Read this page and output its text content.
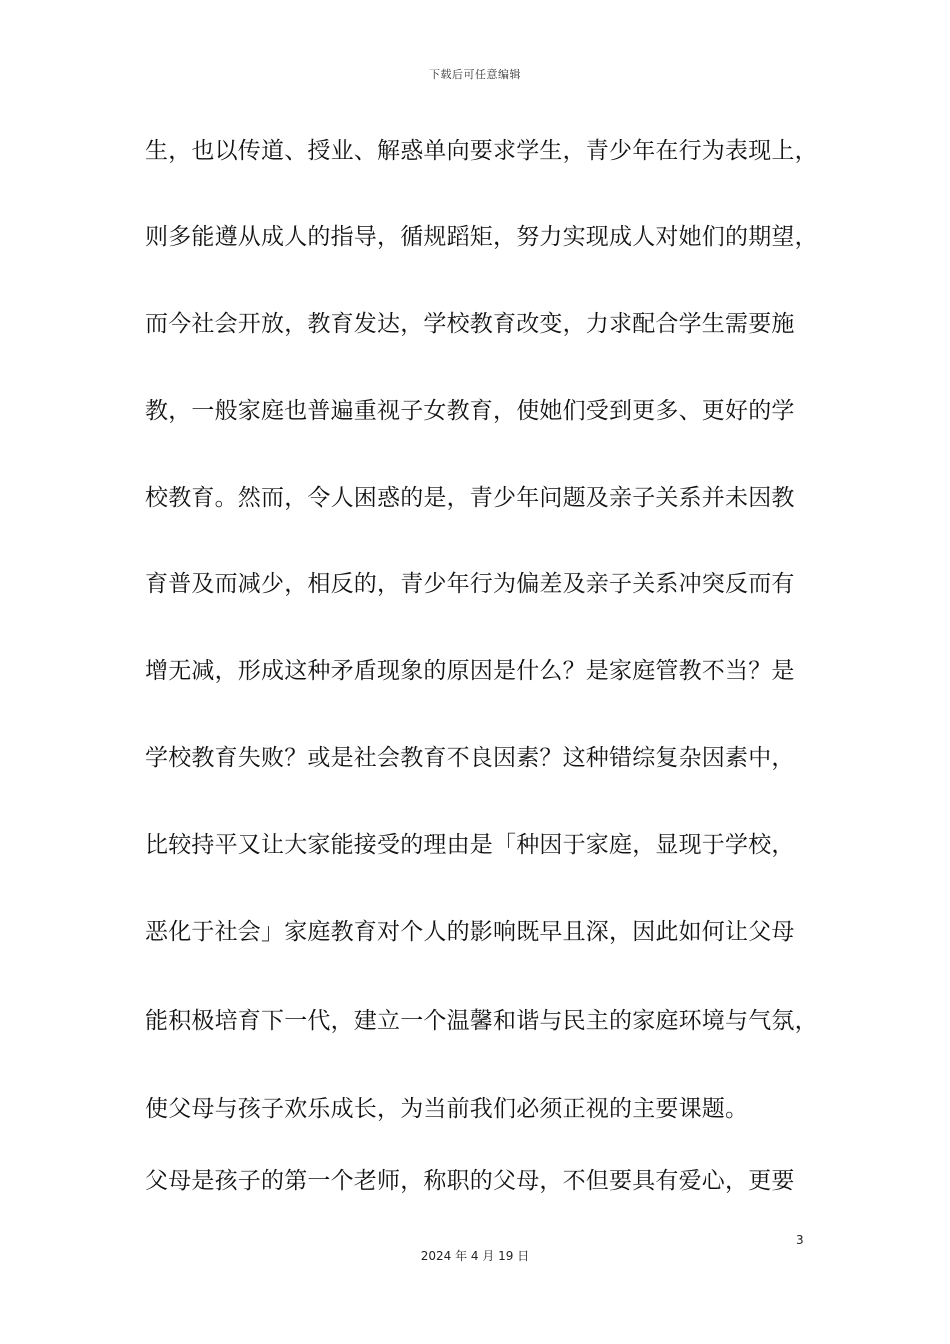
下载后可任意编辑
生，也以传道、授业、解惑单向要求学生，青少年在行为表现上，
则多能遵从成人的指导，循规蹈矩，努力实现成人对她们的期望，
而今社会开放，教育发达，学校教育改变，力求配合学生需要施
教，一般家庭也普遍重视子女教育，使她们受到更多、更好的学
校教育。然而，令人困惑的是，青少年问题及亲子关系并未因教
育普及而减少，相反的，青少年行为偏差及亲子关系冲突反而有
增无减，形成这种矛盾现象的原因是什么？是家庭管教不当？是
学校教育失败？或是社会教育不良因素？这种错综复杂因素中，
比较持平又让大家能接受的理由是「种因于家庭，显现于学校，
恶化于社会」家庭教育对个人的影响既早且深，因此如何让父母
能积极培育下一代，建立一个温馨和谐与民主的家庭环境与气氛，
使父母与孩子欢乐成长，为当前我们必须正视的主要课题。
父母是孩子的第一个老师，称职的父母，不但要具有爱心，更要
3
2024 年 4 月 19 日
